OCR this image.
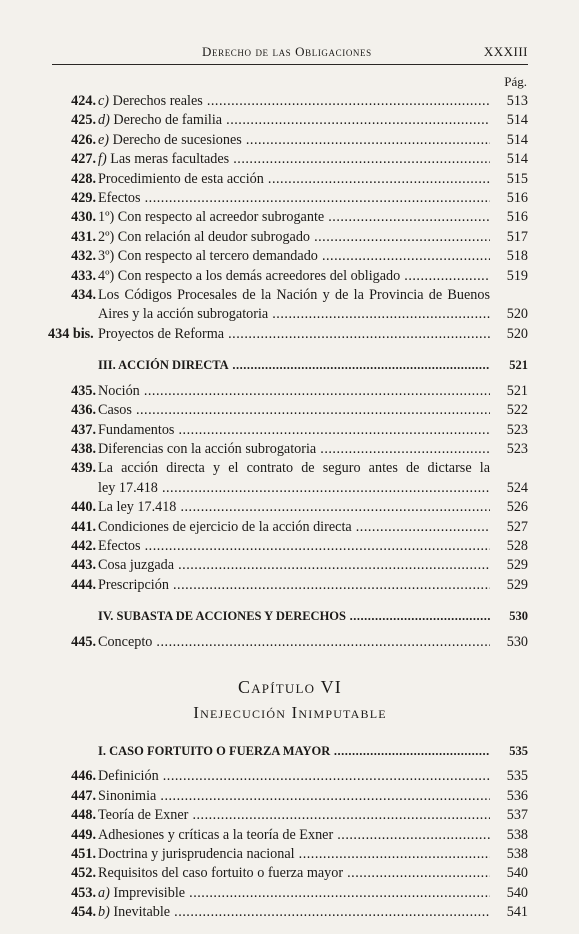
Derecho de las Obligaciones	XXXIII
Pág.
424. c) Derechos reales .....	513
425. d) Derecho de familia .....	514
426. e) Derecho de sucesiones .....	514
427. f) Las meras facultades .....	514
428. Procedimiento de esta acción .....	515
429. Efectos .....	516
430. 1º) Con respecto al acreedor subrogante .....	516
431. 2º) Con relación al deudor subrogado .....	517
432. 3º) Con respecto al tercero demandado .....	518
433. 4º) Con respecto a los demás acreedores del obligado .....	519
434. Los Códigos Procesales de la Nación y de la Provincia de Buenos
Aires y la acción subrogatoria .....	520
434 bis. Proyectos de Reforma .....	520
III. ACCIÓN DIRECTA .....	521
435. Noción .....	521
436. Casos .....	522
437. Fundamentos .....	523
438. Diferencias con la acción subrogatoria .....	523
439. La acción directa y el contrato de seguro antes de dictarse la
ley 17.418 .....	524
440. La ley 17.418 .....	526
441. Condiciones de ejercicio de la acción directa .....	527
442. Efectos .....	528
443. Cosa juzgada .....	529
444. Prescripción .....	529
IV. SUBASTA DE ACCIONES Y DERECHOS .....	530
445. Concepto .....	530
Capítulo VI
Inejecución Inimputable
I. CASO FORTUITO O FUERZA MAYOR .....	535
446. Definición .....	535
447. Sinonimia .....	536
448. Teoría de Exner .....	537
449. Adhesiones y críticas a la teoría de Exner .....	538
451. Doctrina y jurisprudencia nacional .....	538
452. Requisitos del caso fortuito o fuerza mayor .....	540
453. a) Imprevisible .....	540
454. b) Inevitable .....	541
